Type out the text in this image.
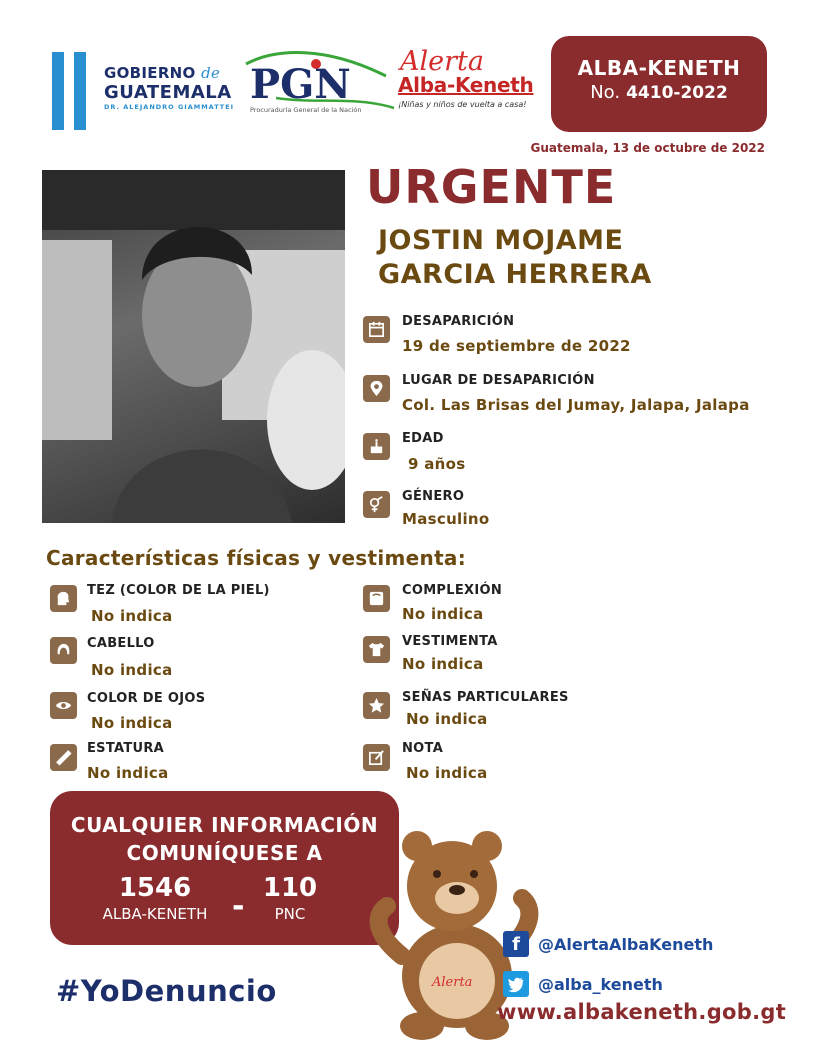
GOBIERNO de
GUATEMALA
DR. ALEJANDRO GIAMMATTEI PGN
Procuraduría General de la Nación
Alerta
Alba-Keneth
¡Niñas y niños de vuelta a casa!
ALBA-KENETH
No. 4410-2022
Guatemala, 13 de octubre de 2022
URGENTE
JOSTIN MOJAME
GARCIA HERRERA
DESAPARICIÓN
19 de septiembre de 2022
LUGAR DE DESAPARICIÓN
Col. Las Brisas del Jumay, Jalapa, Jalapa
EDAD
9 años
GÉNERO
Masculino
Características físicas y vestimenta:
TEZ (COLOR DE LA PIEL)
No indica
CABELLO
No indica
COLOR DE OJOS
No indica
ESTATURA
No indica
COMPLEXIÓN
No indica
VESTIMENTA
No indica
SEÑAS PARTICULARES
No indica
NOTA
No indica
CUALQUIER INFORMACIÓN
COMUNÍQUESE A
1546
ALBA-KENETH -
110
PNC
#YoDenuncio	Alerta
f	@AlertaAlbaKeneth
@alba_keneth
www.albakeneth.gob.gt
